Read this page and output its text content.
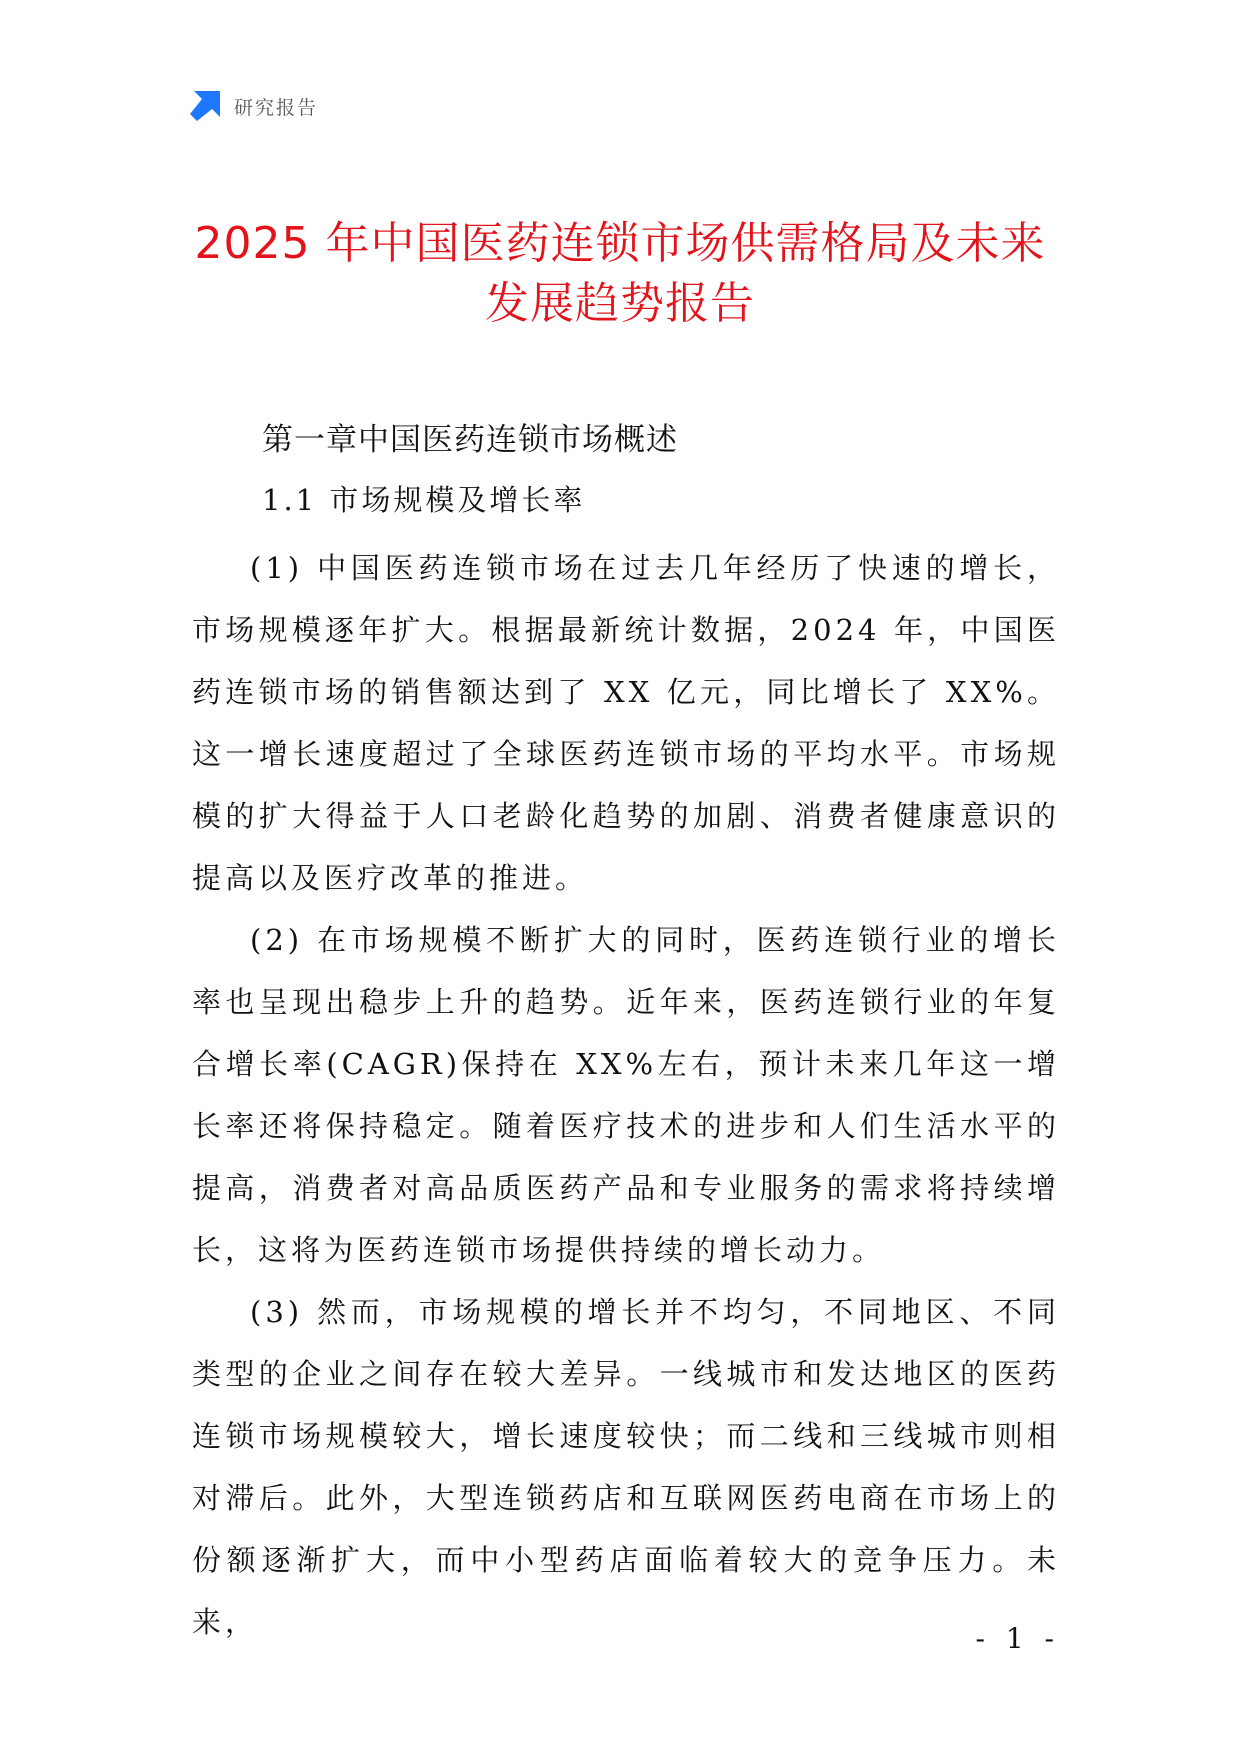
研究报告
2025 年中国医药连锁市场供需格局及未来
发展趋势报告
第一章中国医药连锁市场概述
1.1 市场规模及增长率

(1) 中国医药连锁市场在过去几年经历了快速的增长，市场规模逐年扩大。根据最新统计数据，2024 年，中国医药连锁市场的销售额达到了 XX 亿元，同比增长了 XX%。这一增长速度超过了全球医药连锁市场的平均水平。市场规模的扩大得益于人口老龄化趋势的加剧、消费者健康意识的提高以及医疗改革的推进。

(2) 在市场规模不断扩大的同时，医药连锁行业的增长率也呈现出稳步上升的趋势。近年来，医药连锁行业的年复合增长率(CAGR)保持在 XX%左右，预计未来几年这一增长率还将保持稳定。随着医疗技术的进步和人们生活水平的提高，消费者对高品质医药产品和专业服务的需求将持续增长，这将为医药连锁市场提供持续的增长动力。

(3) 然而，市场规模的增长并不均匀，不同地区、不同类型的企业之间存在较大差异。一线城市和发达地区的医药连锁市场规模较大，增长速度较快；而二线和三线城市则相对滞后。此外，大型连锁药店和互联网医药电商在市场上的份额逐渐扩大，而中小型药店面临着较大的竞争压力。未来，	- 1 -
